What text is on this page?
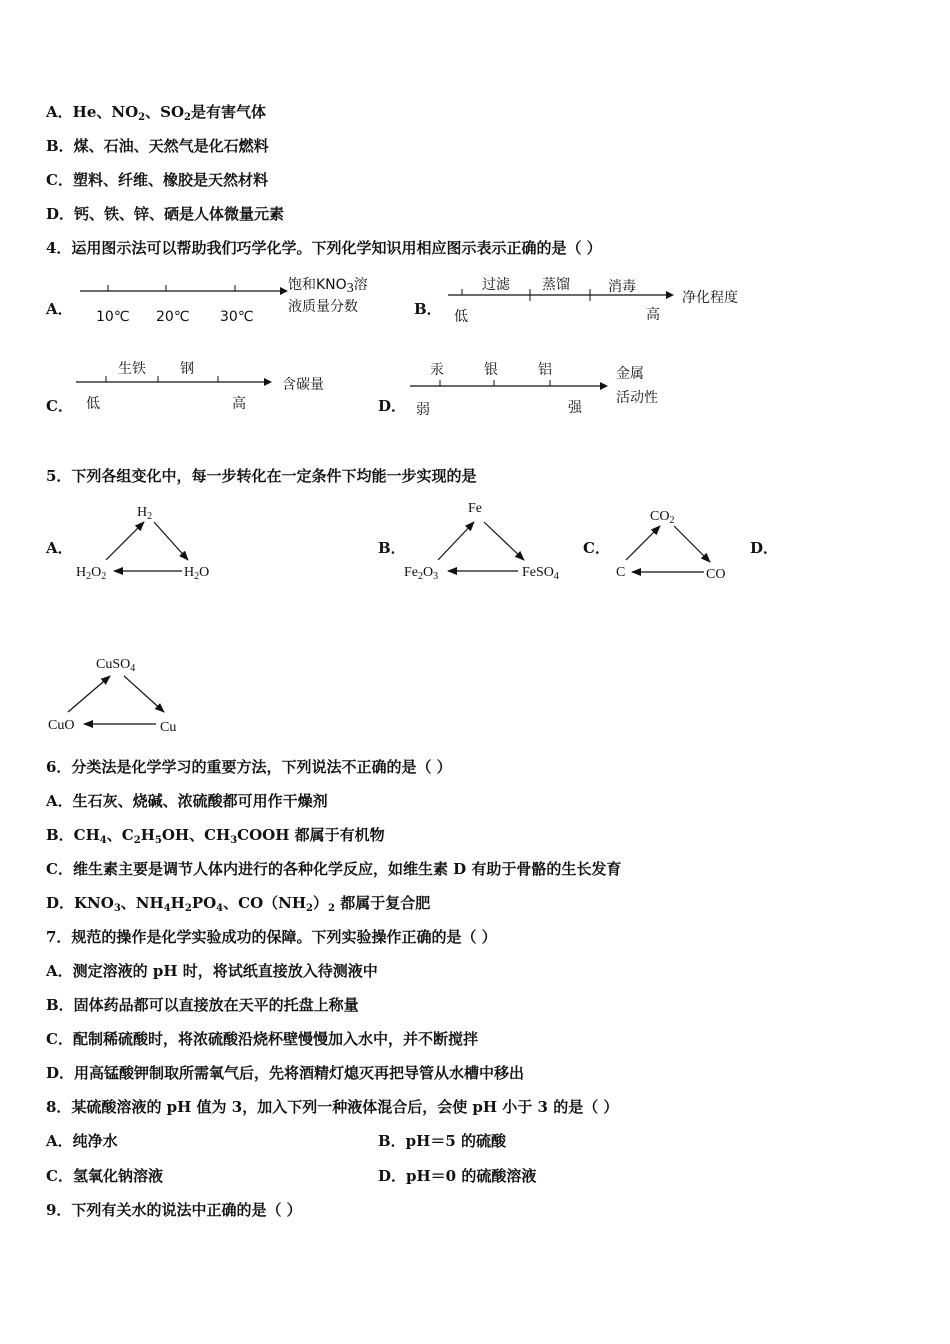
A．He、$NO_2$、$SO_2$是有害气体
B．煤、石油、天然气是化石燃料
C．塑料、纤维、橡胶是天然材料
D．钙、铁、锌、硒是人体微量元素
4．运用图示法可以帮助我们巧学化学。下列化学知识用相应图示表示正确的是（ ）
A． 10℃ 20℃ 30℃
饱和KNO3溶
液质量分数	B．
过滤 蒸馏	消毒
低	高
净化程度
C．
生铁 钢
低	高
含碳量
D．
汞	银	铝
弱	强
金属
活动性
5．下列各组变化中，每一步转化在一定条件下均能一步实现的是
A．
$H_2$
$H_2O_2$	$H_2O$
B．
Fe
$Fe_2O_3$	FeSO$_4$
C．
$CO_2$
C	CO
D．
CuSO$_4$
CuO	Cu
6．分类法是化学学习的重要方法，下列说法不正确的是（ ）
A．生石灰、烧碱、浓硫酸都可用作干燥剂
B．$CH_4$、$C_2H_5OH$、$CH_3COOH$ 都属于有机物
C．维生素主要是调节人体内进行的各种化学反应，如维生素 D 有助于骨骼的生长发育
D．$KNO_3$、$NH_4H_2PO_4$、$CO(NH_2)_2$ 都属于复合肥
7．规范的操作是化学实验成功的保障。下列实验操作正确的是（ ）
A．测定溶液的 pH 时，将试纸直接放入待测液中
B．固体药品都可以直接放在天平的托盘上称量
C．配制稀硫酸时，将浓硫酸沿烧杯壁慢慢加入水中，并不断搅拌
D．用高锰酸钾制取所需氧气后，先将酒精灯熄灭再把导管从水槽中移出
8．某硫酸溶液的 pH 值为 3，加入下列一种液体混合后，会使 pH 小于 3 的是（ ）
A．纯净水	B．pH＝5 的硫酸
C．氢氧化钠溶液	D．pH＝0 的硫酸溶液
9．下列有关水的说法中正确的是（ ）
